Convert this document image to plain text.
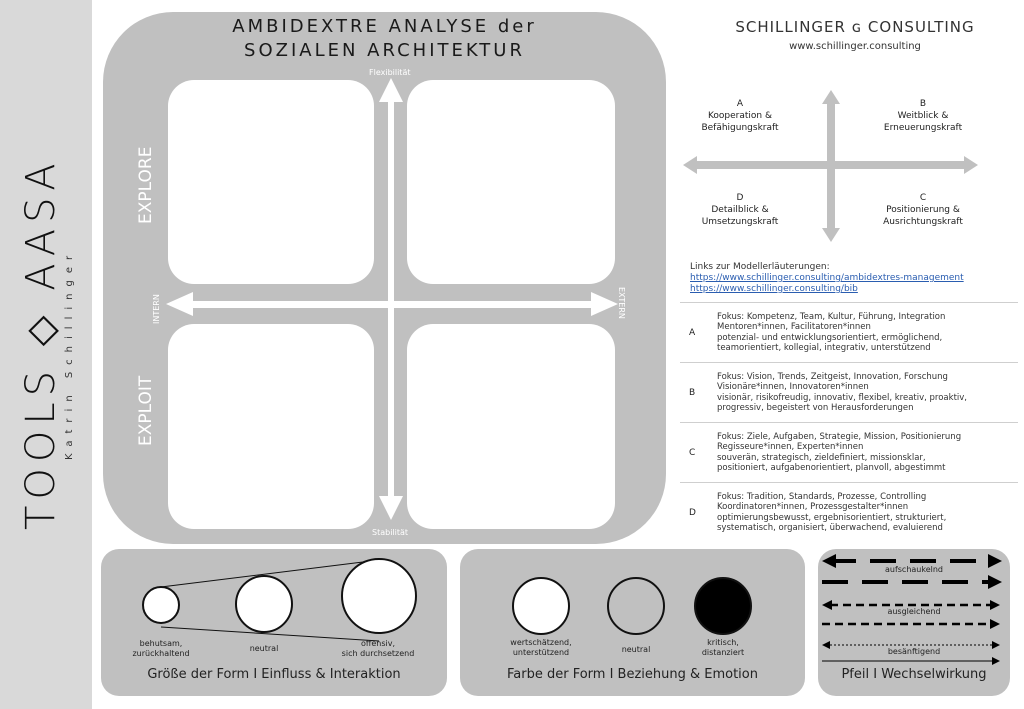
TOOLS ◇ AASA Katrin Schillinger
AMBIDEXTRE ANALYSE der
SOZIALEN ARCHITEKTUR
Flexibilität
Stabilität
INTERN	EXTERN
EXPLORE
EXPLOIT
SCHILLINGER ɢ CONSULTING
www.schillinger.consulting
A
Kooperation &
Befähigungskraft
B
Weitblick &
Erneuerungskraft
D
Detailblick &
Umsetzungskraft
C
Positionierung &
Ausrichtungskraft
Links zur Modellerläuterungen:
https://www.schillinger.consulting/ambidextres-management
https://www.schillinger.consulting/bib
A
Fokus: Kompetenz, Team, Kultur, Führung, Integration
Mentoren*innen, Facilitatoren*innen
potenzial- und entwicklungsorientiert, ermöglichend,
teamorientiert, kollegial, integrativ, unterstützend
B
Fokus: Vision, Trends, Zeitgeist, Innovation, Forschung
Visionäre*innen, Innovatoren*innen
visionär, risikofreudig, innovativ, flexibel, kreativ, proaktiv,
progressiv, begeistert von Herausforderungen
C
Fokus: Ziele, Aufgaben, Strategie, Mission, Positionierung
Regisseure*innen, Experten*innen
souverän, strategisch, zieldefiniert, missionsklar,
positioniert, aufgabenorientiert, planvoll, abgestimmt
D
Fokus: Tradition, Standards, Prozesse, Controlling
Koordinatoren*innen, Prozessgestalter*innen
optimierungsbewusst, ergebnisorientiert, strukturiert,
systematisch, organisiert, überwachend, evaluierend
behutsam,
zurückhaltend
neutral
offensiv,
sich durchsetzend
Größe der Form I Einfluss & Interaktion
wertschätzend,
unterstützend	neutral
kritisch,
distanziert
Farbe der Form I Beziehung & Emotion
aufschaukelnd
ausgleichend
besänftigend
Pfeil I Wechselwirkung
